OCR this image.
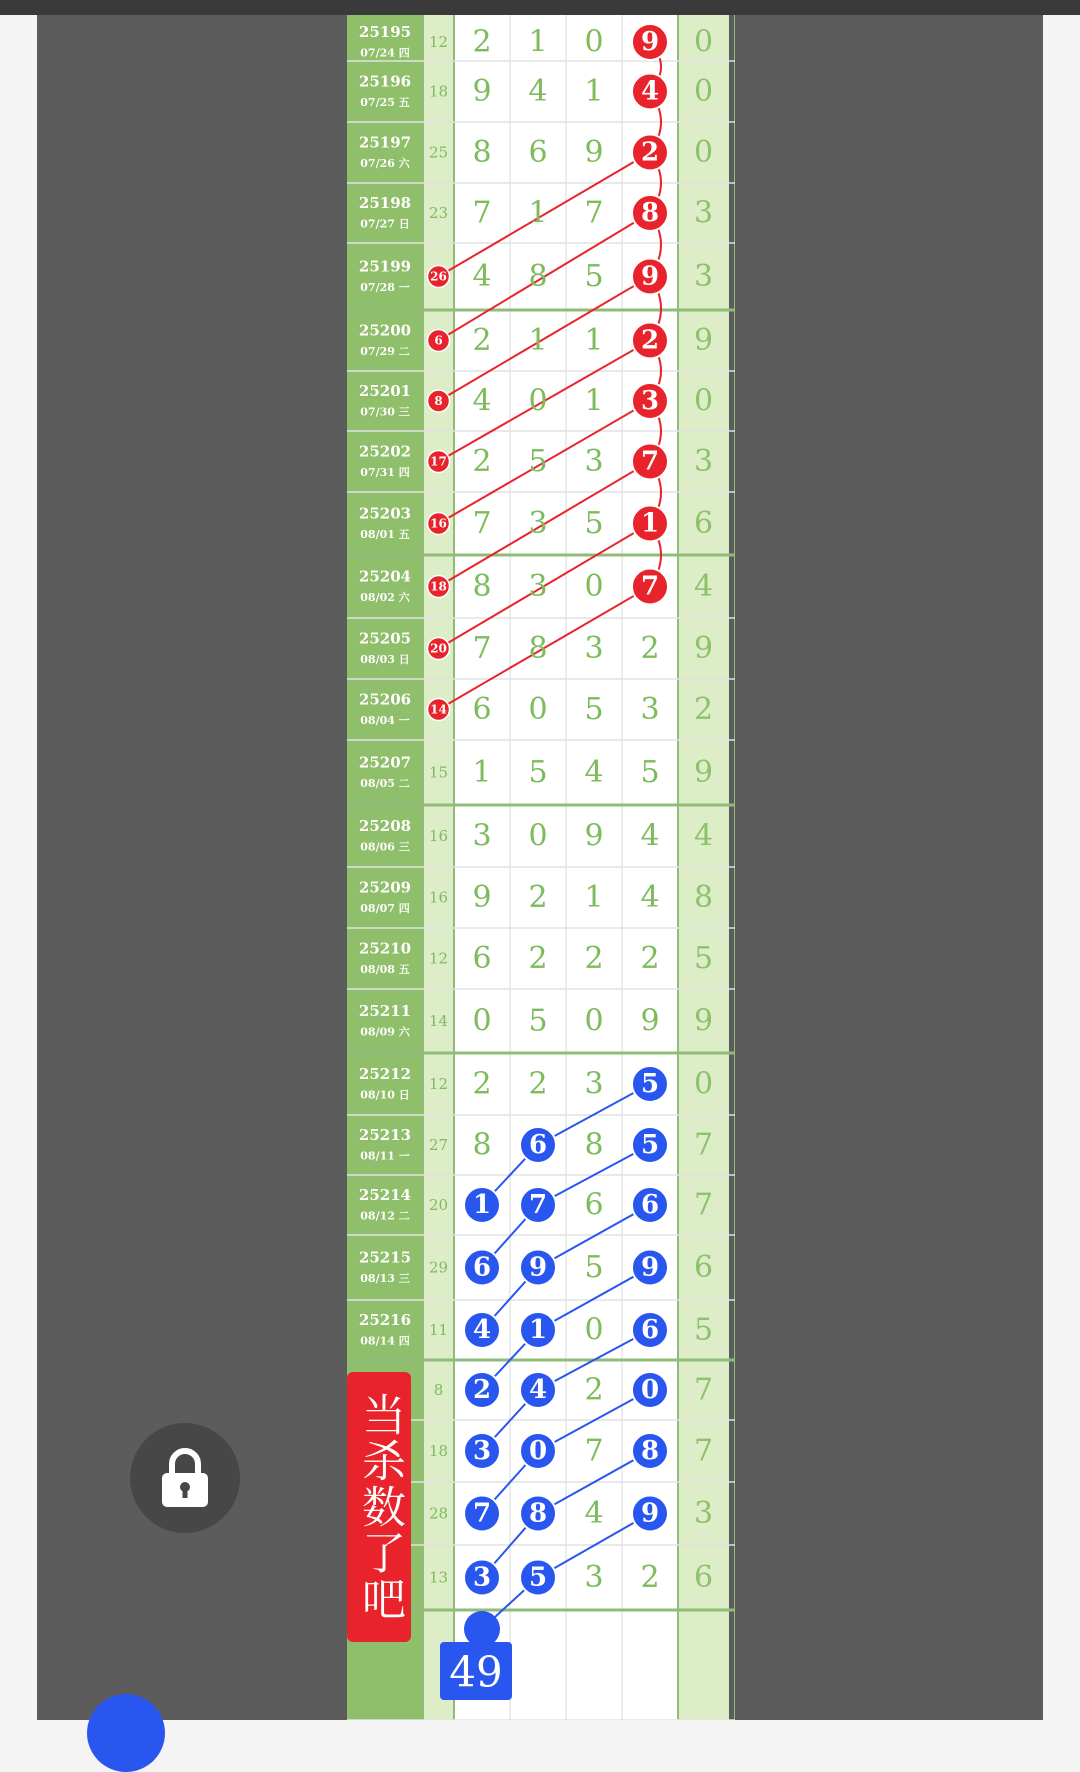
25195
07/24 四
12 2 1 0 9 0
25196
07/25 五
18 9 4 1 4 0
25197
07/26 六
25 8 6 9 2 0
25198
07/27 日
23 7 1 7 8 3
25199
07/28 一
26 4 8 5 9 3
25200
07/29 二
6 2 1 1 2 9
25201
07/30 三
8 4 0 1 3 0
25202
07/31 四
17 2 5 3 7 3
25203
08/01 五
16 7 3 5 1 6
25204
08/02 六
18 8 3 0 7 4
25205
08/03 日
20 7 8 3 2 9
25206
08/04 一
14 6 0 5 3 2
25207
08/05 二
15 1 5 4 5 9
25208
08/06 三
16 3 0 9 4 4
25209
08/07 四
16 9 2 1 4 8
25210
08/08 五
12 6 2 2 2 5
25211
08/09 六
14 0 5 0 9 9
25212
08/10 日
12 2 2 3 5 0
25213
08/11 一
27 8 6 8 5 7
25214
08/12 二
20 1 7 6 6 7
25215
08/13 三
29 6 9 5 9 6
25216
08/14 四
11 4 1 0 6 5
8 2 4 2 0 7
18 3 0 7 8 7
28 7 8 4 9 3
13 3 5 3 2 6
49
当杀数了吧
